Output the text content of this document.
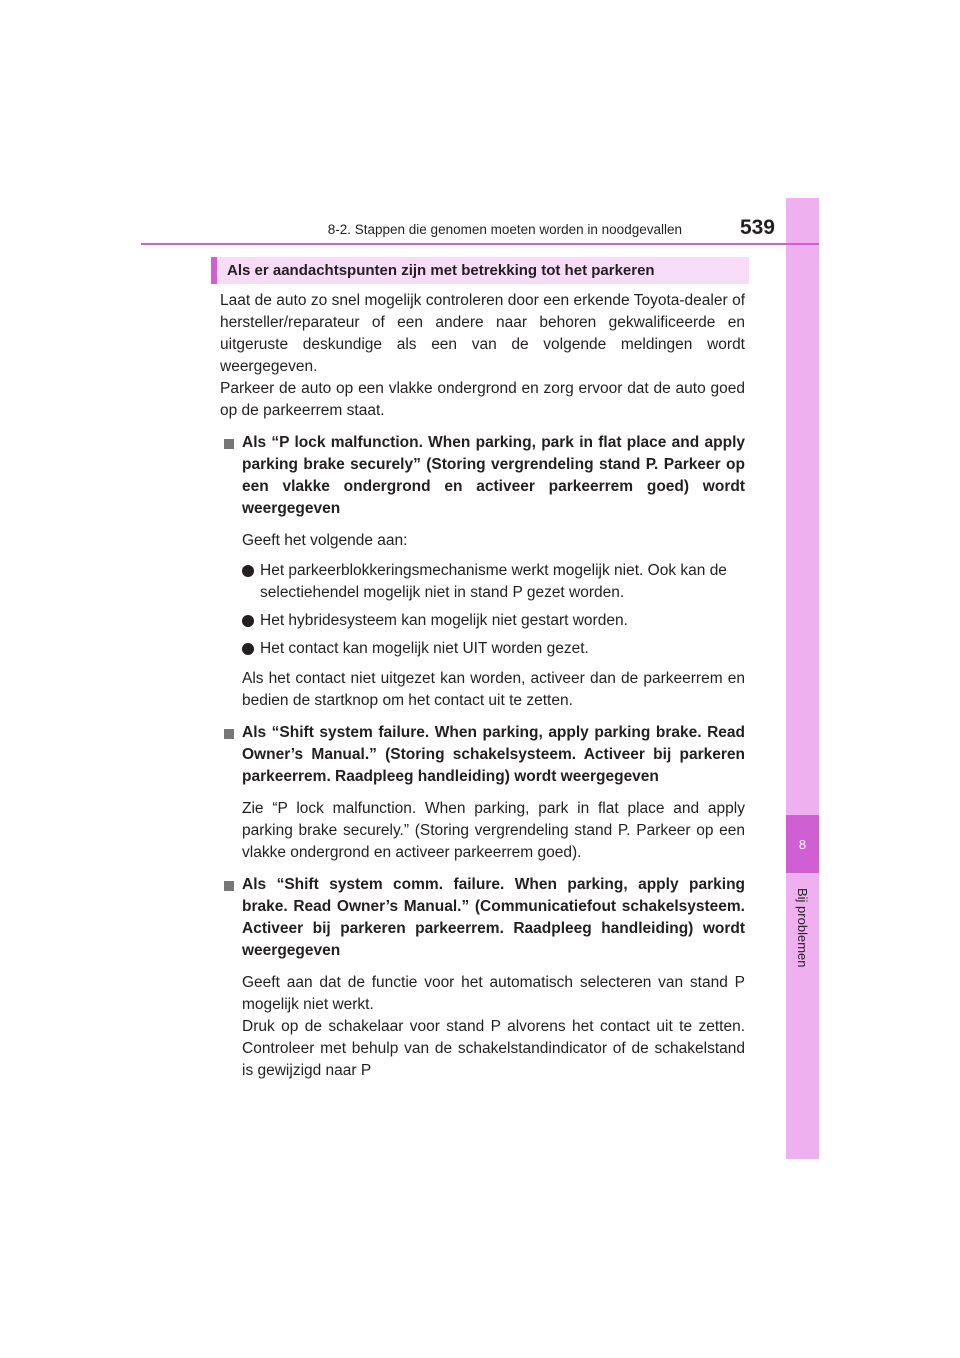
8
Bij problemen
8-2. Stappen die genomen moeten worden in noodgevallen	539
Als er aandachtspunten zijn met betrekking tot het parkeren

Laat de auto zo snel mogelijk controleren door een erkende Toyota-dealer of hersteller/reparateur of een andere naar behoren gekwalificeerde en uitgeruste deskundige als een van de volgende meldingen wordt weergegeven.

Parkeer de auto op een vlakke ondergrond en zorg ervoor dat de auto goed op de parkeerrem staat.

Als “P lock malfunction. When parking, park in flat place and apply parking brake securely” (Storing vergrendeling stand P. Parkeer op een vlakke ondergrond en activeer parkeerrem goed) wordt weergegeven

Geeft het volgende aan:

Het parkeerblokkeringsmechanisme werkt mogelijk niet. Ook kan de selectiehendel mogelijk niet in stand P gezet worden.
Het hybridesysteem kan mogelijk niet gestart worden.
Het contact kan mogelijk niet UIT worden gezet.

Als het contact niet uitgezet kan worden, activeer dan de parkeerrem en bedien de startknop om het contact uit te zetten.

Als “Shift system failure. When parking, apply parking brake. Read Owner’s Manual.” (Storing schakelsysteem. Activeer bij parkeren parkeerrem. Raadpleeg handleiding) wordt weergegeven

Zie “P lock malfunction. When parking, park in flat place and apply parking brake securely.” (Storing vergrendeling stand P. Parkeer op een vlakke ondergrond en activeer parkeerrem goed).

Als “Shift system comm. failure. When parking, apply parking brake. Read Owner’s Manual.” (Communicatiefout schakelsysteem. Activeer bij parkeren parkeerrem. Raadpleeg handleiding) wordt weergegeven

Geeft aan dat de functie voor het automatisch selecteren van stand P mogelijk niet werkt.

Druk op de schakelaar voor stand P alvorens het contact uit te zetten. Controleer met behulp van de schakelstandindicator of de schakelstand is gewijzigd naar P
